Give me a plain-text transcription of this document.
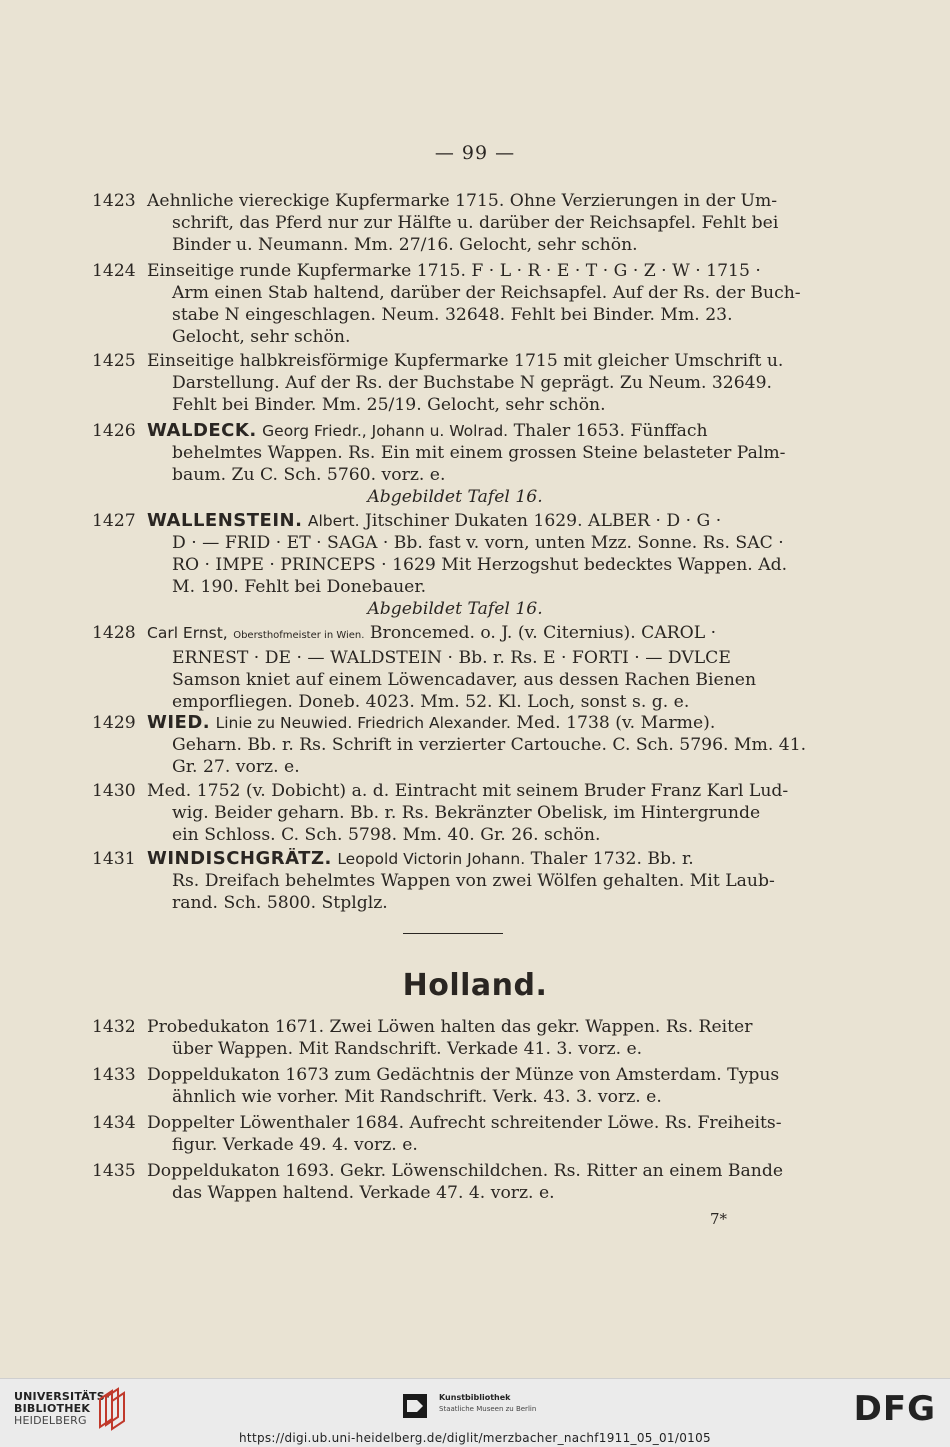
— 99 —
1423 Aehnliche viereckige Kupfermarke 1715. Ohne Verzierungen in der Um-
schrift, das Pferd nur zur Hälfte u. darüber der Reichsapfel. Fehlt bei
Binder u. Neumann. Mm. 27/16. Gelocht, sehr schön.
1424 Einseitige runde Kupfermarke 1715. F · L · R · E · T · G · Z · W · 1715 ·
Arm einen Stab haltend, darüber der Reichsapfel. Auf der Rs. der Buch-
stabe N eingeschlagen. Neum. 32648. Fehlt bei Binder. Mm. 23.
Gelocht, sehr schön.
1425 Einseitige halbkreisförmige Kupfermarke 1715 mit gleicher Umschrift u.
Darstellung. Auf der Rs. der Buchstabe N geprägt. Zu Neum. 32649.
Fehlt bei Binder. Mm. 25/19. Gelocht, sehr schön.
1426 WALDECK. Georg Friedr., Johann u. Wolrad. Thaler 1653. Fünffach
behelmtes Wappen. Rs. Ein mit einem grossen Steine belasteter Palm-
baum. Zu C. Sch. 5760. vorz. e.
Abgebildet Tafel 16.
1427 WALLENSTEIN. Albert. Jitschiner Dukaten 1629. ALBER · D · G ·
D · — FRID · ET · SAGA · Bb. fast v. vorn, unten Mzz. Sonne. Rs. SAC ·
RO · IMPE · PRINCEPS · 1629 Mit Herzogshut bedecktes Wappen. Ad.
M. 190. Fehlt bei Donebauer.
Abgebildet Tafel 16.
1428 Carl Ernst, Obersthofmeister in Wien. Broncemed. o. J. (v. Citernius). CAROL ·
ERNEST · DE · — WALDSTEIN · Bb. r. Rs. E · FORTI · — DVLCE
Samson kniet auf einem Löwencadaver, aus dessen Rachen Bienen
emporfliegen. Doneb. 4023. Mm. 52. Kl. Loch, sonst s. g. e.
1429 WIED. Linie zu Neuwied. Friedrich Alexander. Med. 1738 (v. Marme).
Geharn. Bb. r. Rs. Schrift in verzierter Cartouche. C. Sch. 5796. Mm. 41.
Gr. 27. vorz. e.
1430 Med. 1752 (v. Dobicht) a. d. Eintracht mit seinem Bruder Franz Karl Lud-
wig. Beider geharn. Bb. r. Rs. Bekränzter Obelisk, im Hintergrunde
ein Schloss. C. Sch. 5798. Mm. 40. Gr. 26. schön.
1431 WINDISCHGRÄTZ. Leopold Victorin Johann. Thaler 1732. Bb. r.
Rs. Dreifach behelmtes Wappen von zwei Wölfen gehalten. Mit Laub-
rand. Sch. 5800. Stplglz.
Holland.
1432 Probedukaton 1671. Zwei Löwen halten das gekr. Wappen. Rs. Reiter
über Wappen. Mit Randschrift. Verkade 41. 3. vorz. e.
1433 Doppeldukaton 1673 zum Gedächtnis der Münze von Amsterdam. Typus
ähnlich wie vorher. Mit Randschrift. Verk. 43. 3. vorz. e.
1434 Doppelter Löwenthaler 1684. Aufrecht schreitender Löwe. Rs. Freiheits-
figur. Verkade 49. 4. vorz. e.
1435 Doppeldukaton 1693. Gekr. Löwenschildchen. Rs. Ritter an einem Bande
das Wappen haltend. Verkade 47. 4. vorz. e.
7*
UNIVERSITÄTS-
BIBLIOTHEK
HEIDELBERG
Kunstbibliothek
Staatliche Museen zu Berlin	DFG
https://digi.ub.uni-heidelberg.de/diglit/merzbacher_nachf1911_05_01/0105
